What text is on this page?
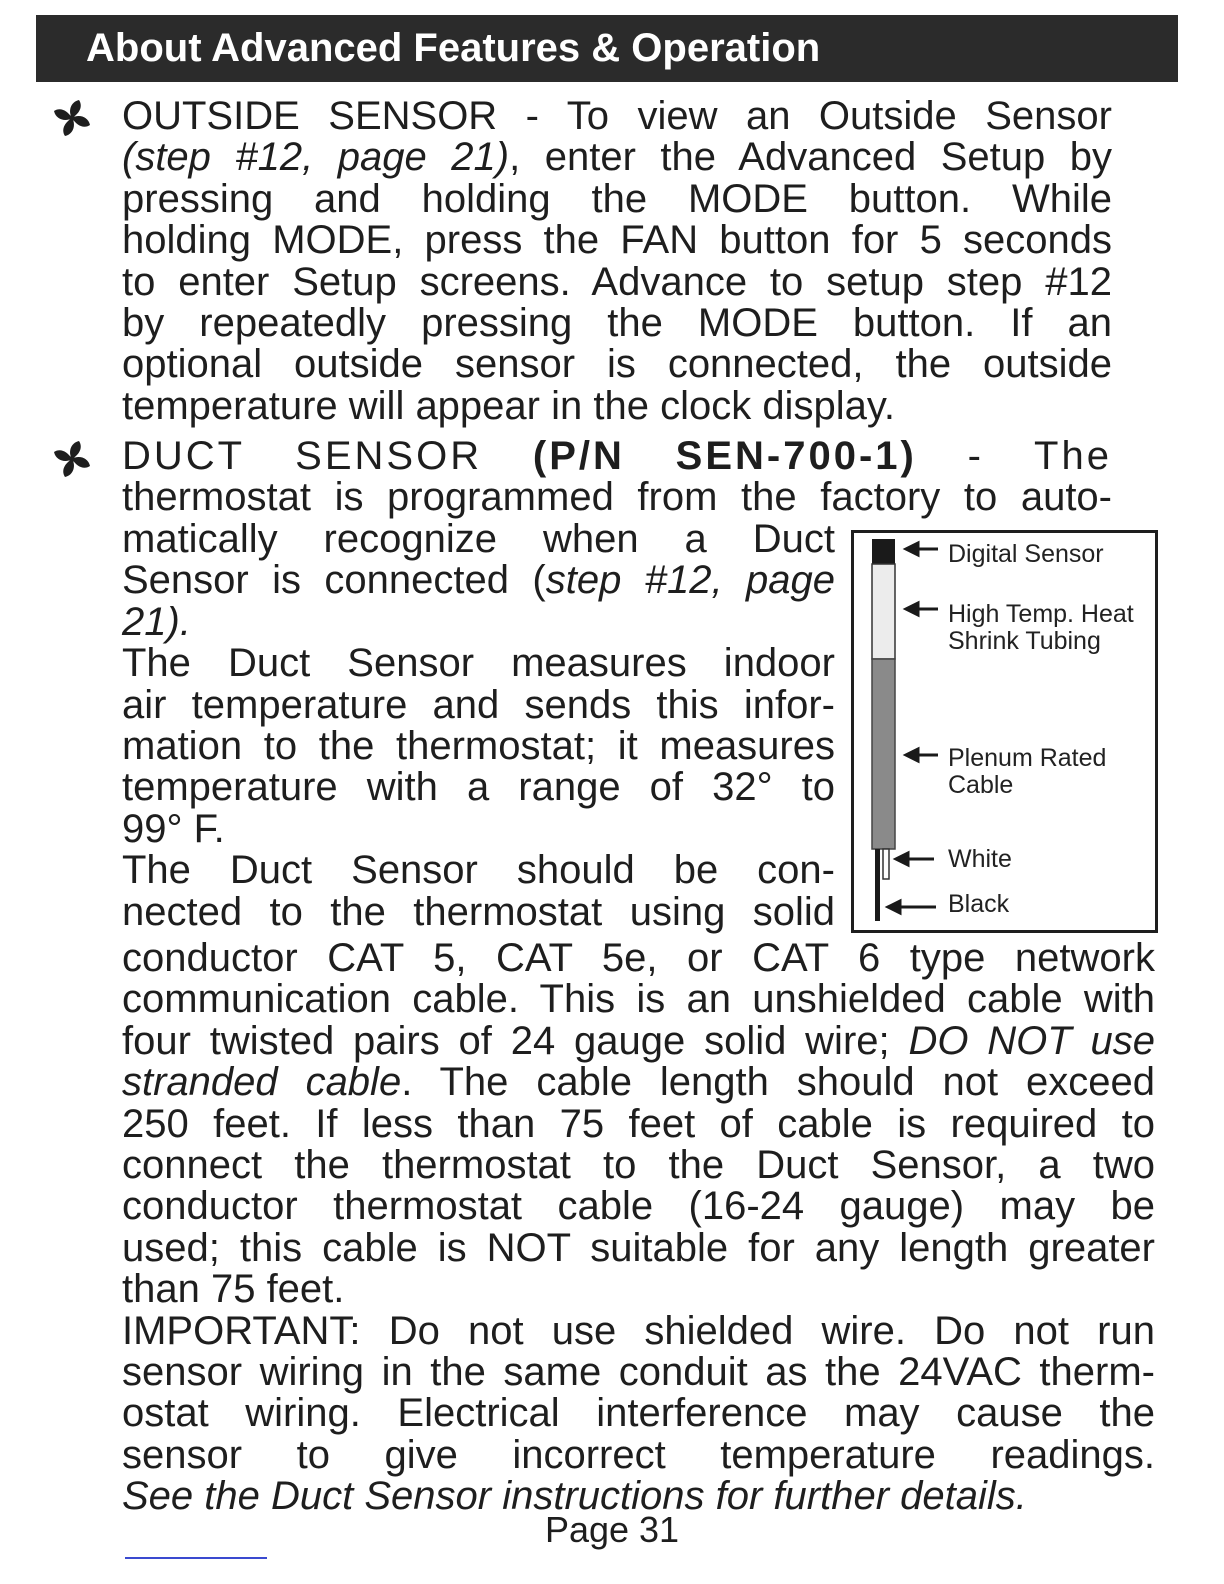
About Advanced Features & Operation
OUTSIDE SENSOR - To view an Outside Sensor
(step #12, page 21), enter the Advanced Setup by
pressing and holding the MODE button. While
holding MODE, press the FAN button for 5 seconds
to enter Setup screens. Advance to setup step #12
by repeatedly pressing the MODE button. If an
optional outside sensor is connected, the outside
temperature will appear in the clock display.
DUCT SENSOR (P/N SEN-700-1) - The
thermostat is programmed from the factory to auto-
matically recognize when a Duct
Sensor is connected (step #12, page
21).
The Duct Sensor measures indoor
air temperature and sends this infor-
mation to the thermostat; it measures
temperature with a range of 32° to
99° F.
The Duct Sensor should be con-
nected to the thermostat using solid
Digital Sensor
High Temp. Heat
Shrink Tubing
Plenum Rated
Cable
White
Black
conductor CAT 5, CAT 5e, or CAT 6 type network
communication cable. This is an unshielded cable with
four twisted pairs of 24 gauge solid wire; DO NOT use
stranded cable. The cable length should not exceed
250 feet. If less than 75 feet of cable is required to
connect the thermostat to the Duct Sensor, a two
conductor thermostat cable (16-24 gauge) may be
used; this cable is NOT suitable for any length greater
than 75 feet.
IMPORTANT: Do not use shielded wire. Do not run
sensor wiring in the same conduit as the 24VAC therm-
ostat wiring. Electrical interference may cause the
sensor to give incorrect temperature readings.
See the Duct Sensor instructions for further details.
Page 31
